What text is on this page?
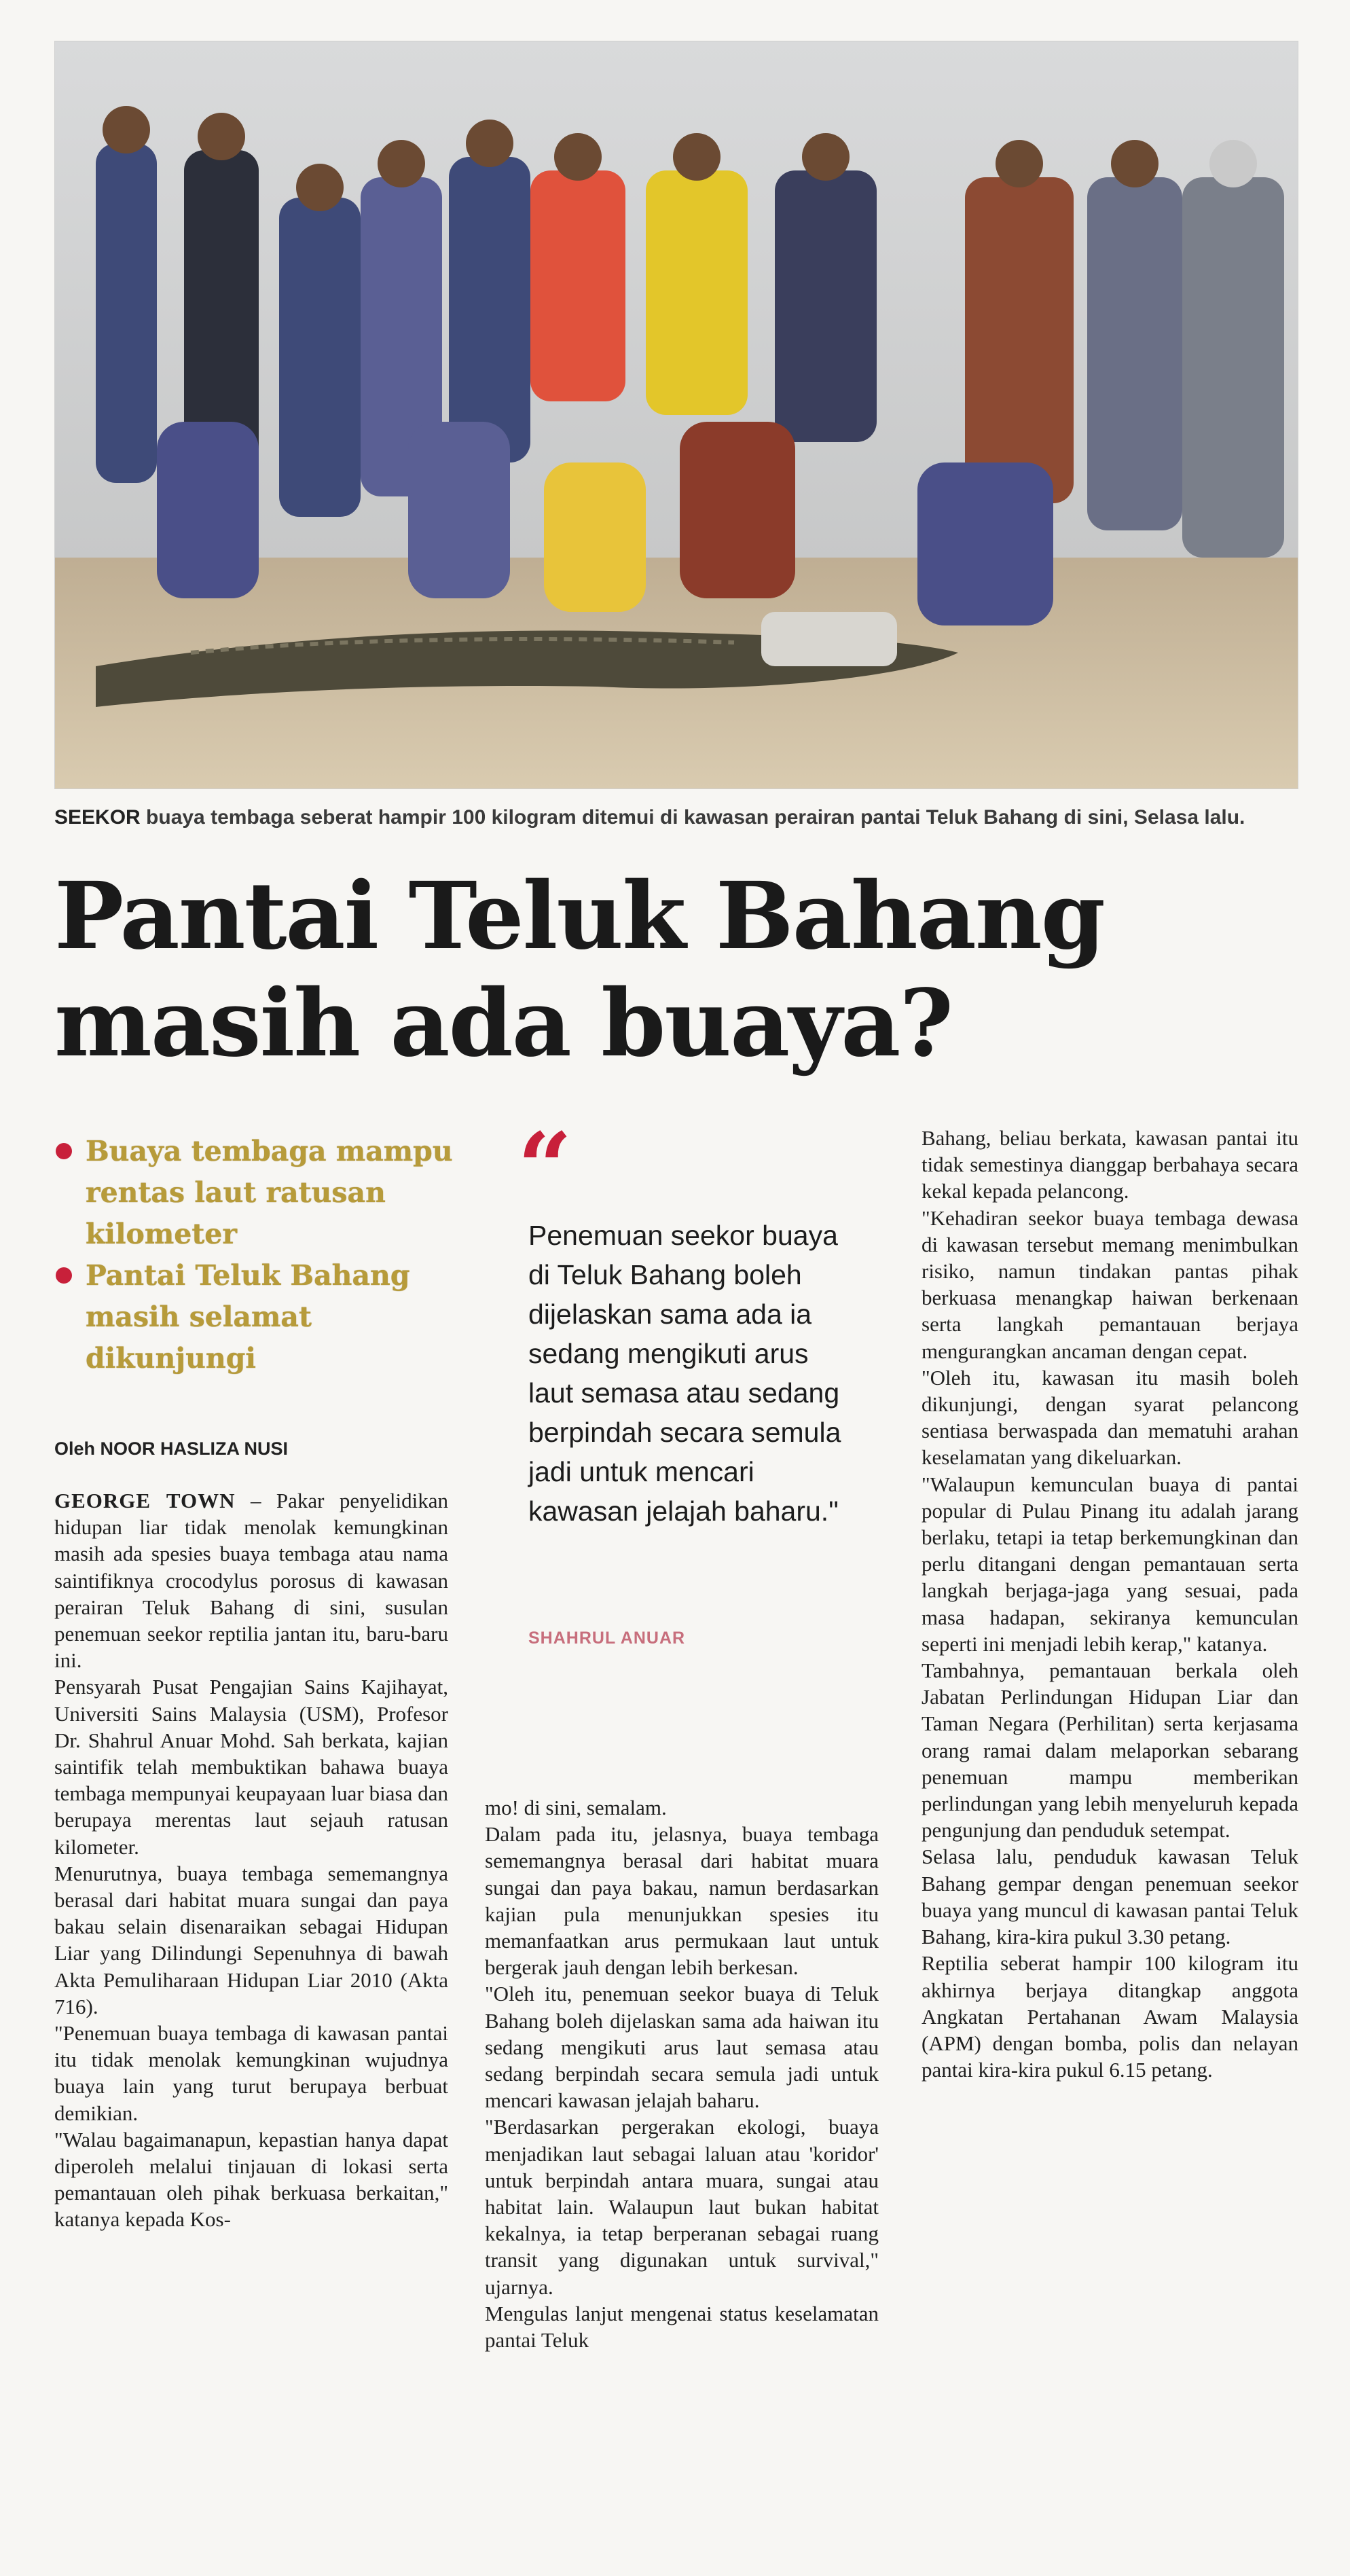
SEEKOR buaya tembaga seberat hampir 100 kilogram ditemui di kawasan perairan pantai Teluk Bahang di sini, Selasa lalu.
Pantai Teluk Bahang masih ada buaya?
Buaya tembaga mampu rentas laut ratusan kilometer
Pantai Teluk Bahang masih selamat dikunjungi
Oleh NOOR HASLIZA NUSI
“
Penemuan seekor buaya di Teluk Bahang boleh dijelaskan sama ada ia sedang mengikuti arus laut semasa atau sedang berpindah secara semula jadi untuk mencari kawasan jelajah baharu."
SHAHRUL ANUAR

GEORGE TOWN – Pakar penyelidikan hidupan liar tidak menolak kemungkinan masih ada spesies buaya tembaga atau nama saintifiknya crocodylus porosus di kawasan perairan Teluk Bahang di sini, susulan penemuan seekor reptilia jantan itu, baru-baru ini.

Pensyarah Pusat Pengajian Sains Kajihayat, Universiti Sains Malaysia (USM), Profesor Dr. Shahrul Anuar Mohd. Sah berkata, kajian saintifik telah membuktikan bahawa buaya tembaga mempunyai keupayaan luar biasa dan berupaya merentas laut sejauh ratusan kilometer.

Menurutnya, buaya tembaga sememangnya berasal dari habitat muara sungai dan paya bakau selain disenaraikan sebagai Hidupan Liar yang Dilindungi Sepenuhnya di bawah Akta Pemuliharaan Hidupan Liar 2010 (Akta 716).

"Penemuan buaya tembaga di kawasan pantai itu tidak menolak kemungkinan wujudnya buaya lain yang turut berupaya berbuat demikian.

"Walau bagaimanapun, kepastian hanya dapat diperoleh melalui tinjauan di lokasi serta pemantauan oleh pihak berkuasa berkaitan," katanya kepada Kos-

mo! di sini, semalam.

Dalam pada itu, jelasnya, buaya tembaga sememangnya berasal dari habitat muara sungai dan paya bakau, namun berdasarkan kajian pula menunjukkan spesies itu memanfaatkan arus permukaan laut untuk bergerak jauh dengan lebih berkesan.

"Oleh itu, penemuan seekor buaya di Teluk Bahang boleh dijelaskan sama ada haiwan itu sedang mengikuti arus laut semasa atau sedang berpindah secara semula jadi untuk mencari kawasan jelajah baharu.

"Berdasarkan pergerakan ekologi, buaya menjadikan laut sebagai laluan atau 'koridor' untuk berpindah antara muara, sungai atau habitat lain. Walaupun laut bukan habitat kekalnya, ia tetap berperanan sebagai ruang transit yang digunakan untuk survival," ujarnya.

Mengulas lanjut mengenai status keselamatan pantai Teluk

Bahang, beliau berkata, kawasan pantai itu tidak semestinya dianggap berbahaya secara kekal kepada pelancong.

"Kehadiran seekor buaya tembaga dewasa di kawasan tersebut memang menimbulkan risiko, namun tindakan pantas pihak berkuasa menangkap haiwan berkenaan serta langkah pemantauan berjaya mengurangkan ancaman dengan cepat.

"Oleh itu, kawasan itu masih boleh dikunjungi, dengan syarat pelancong sentiasa berwaspada dan mematuhi arahan keselamatan yang dikeluarkan.

"Walaupun kemunculan buaya di pantai popular di Pulau Pinang itu adalah jarang berlaku, tetapi ia tetap berkemungkinan dan perlu ditangani dengan pemantauan serta langkah berjaga-jaga yang sesuai, pada masa hadapan, sekiranya kemunculan seperti ini menjadi lebih kerap," katanya.

Tambahnya, pemantauan berkala oleh Jabatan Perlindungan Hidupan Liar dan Taman Negara (Perhilitan) serta kerjasama orang ramai dalam melaporkan sebarang penemuan mampu memberikan perlindungan yang lebih menyeluruh kepada pengunjung dan penduduk setempat.

Selasa lalu, penduduk kawasan Teluk Bahang gempar dengan penemuan seekor buaya yang muncul di kawasan pantai Teluk Bahang, kira-kira pukul 3.30 petang.

Reptilia seberat hampir 100 kilogram itu akhirnya berjaya ditangkap anggota Angkatan Pertahanan Awam Malaysia (APM) dengan bomba, polis dan nelayan pantai kira-kira pukul 6.15 petang.
